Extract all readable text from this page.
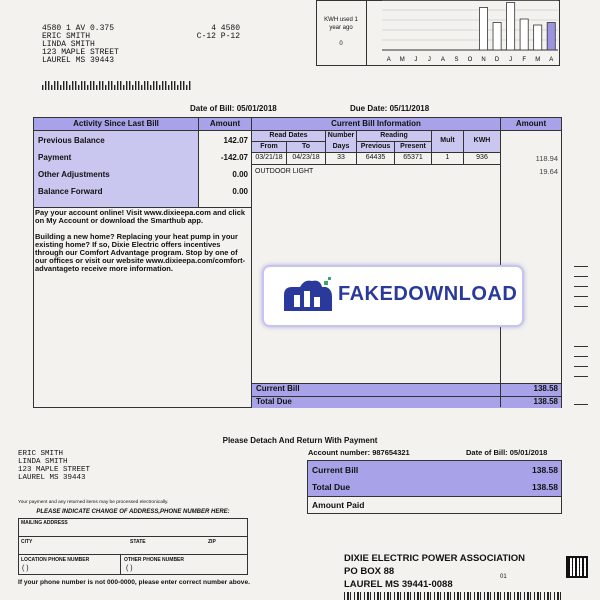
4580 1 AV 0.375
ERIC SMITH
LINDA SMITH
123 MAPLE STREET
LAUREL MS 39443
4 4580
C-12 P-12
KWH used 1
year ago
0
A M J J A S O N D J F M A
Date of Bill: 05/01/2018	Due Date: 05/11/2018
Activity Since Last Bill	Amount
Previous Balance	142.07
Payment	-142.07
Other Adjustments	0.00
Balance Forward	0.00
Pay your account online! Visit www.dixieepa.com and click on My Account or download the Smarthub app.
Building a new home? Replacing your heat pump in your existing home? If so, Dixie Electric offers incentives through our Comfort Advantage program. Stop by one of our offices or visit our website www.dixieepa.com/comfort-advantageto receive more information.
Current Bill Information	Amount
Read Dates
From	To
Number
Days
Reading
Previous	Present
Mult	KWH
03/21/18	04/23/18	33	64435	65371	1	936	118.94
OUTDOOR LIGHT	19.64
Current Bill	138.58
Total Due	138.58
FAKEDOWNLOAD
Please Detach And Return With Payment
Account number: 987654321	Date of Bill: 05/01/2018
Current Bill	138.58
Total Due	138.58
Amount Paid
ERIC SMITH
LINDA SMITH
123 MAPLE STREET
LAUREL MS 39443
Your payment and any returned items may be processed electronically.
PLEASE INDICATE CHANGE OF ADDRESS,PHONE NUMBER HERE:
MAILING ADDRESS
CITY	STATE	ZIP
LOCATION PHONE NUMBER	OTHER PHONE NUMBER
( )	( )
If your phone number is not 000-0000, please enter correct number above.
DIXIE ELECTRIC POWER ASSOCIATION
PO BOX 88
LAUREL MS 39441-0088
01
